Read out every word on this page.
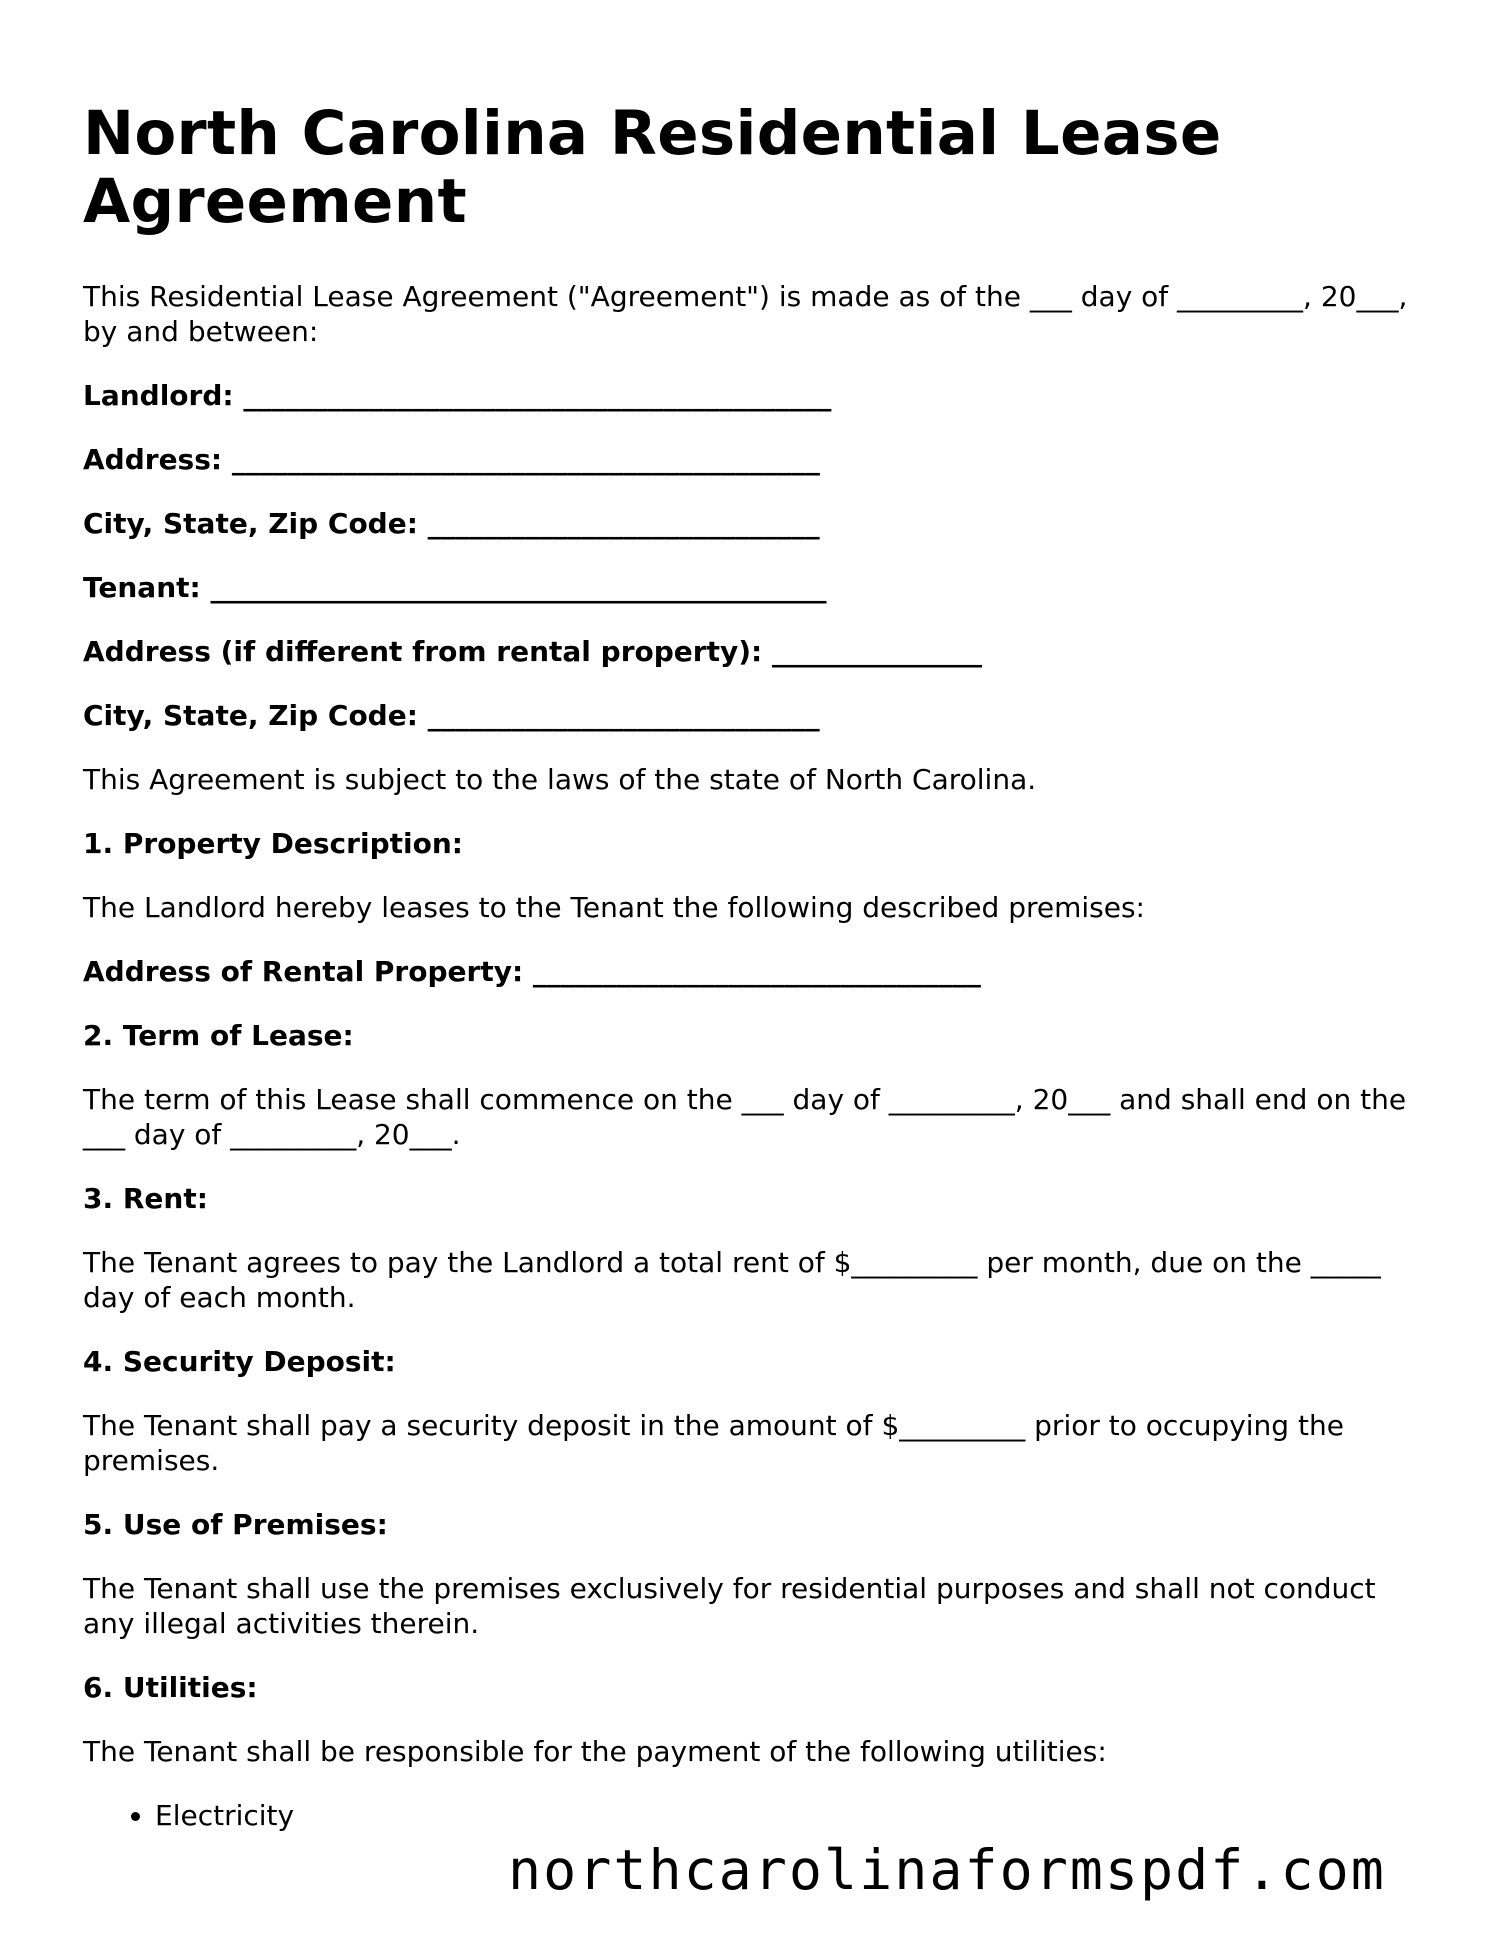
North Carolina Residential Lease Agreement

This Residential Lease Agreement ("Agreement") is made as of the ___ day of _________, 20___, by and between:

Landlord: __________________________________________

Address: __________________________________________

City, State, Zip Code: ____________________________

Tenant: ____________________________________________

Address (if different from rental property): _______________

City, State, Zip Code: ____________________________

This Agreement is subject to the laws of the state of North Carolina.

1. Property Description:

The Landlord hereby leases to the Tenant the following described premises:

Address of Rental Property: ________________________________

2. Term of Lease:

The term of this Lease shall commence on the ___ day of _________, 20___ and shall end on the ___ day of _________, 20___.

3. Rent:

The Tenant agrees to pay the Landlord a total rent of $_________ per month, due on the _____ day of each month.

4. Security Deposit:

The Tenant shall pay a security deposit in the amount of $_________ prior to occupying the premises.

5. Use of Premises:

The Tenant shall use the premises exclusively for residential purposes and shall not conduct any illegal activities therein.

6. Utilities:

The Tenant shall be responsible for the payment of the following utilities:

• Electricity
northcarolinaformspdf.com
